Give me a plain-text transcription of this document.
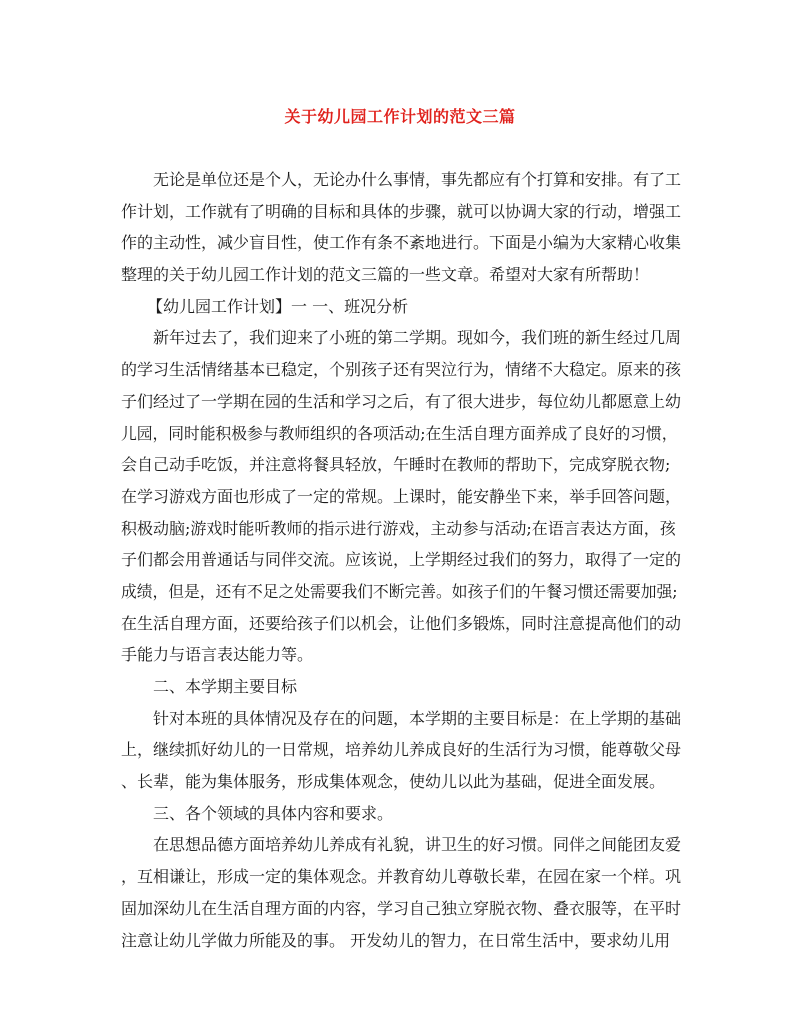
关于幼儿园工作计划的范文三篇
无论是单位还是个人，无论办什么事情，事先都应有个打算和安排。有了工
作计划，工作就有了明确的目标和具体的步骤，就可以协调大家的行动，增强工
作的主动性，减少盲目性，使工作有条不紊地进行。下面是小编为大家精心收集
整理的关于幼儿园工作计划的范文三篇的一些文章。希望对大家有所帮助！
【幼儿园工作计划】一 一、班况分析
新年过去了，我们迎来了小班的第二学期。现如今，我们班的新生经过几周
的学习生活情绪基本已稳定，个别孩子还有哭泣行为，情绪不大稳定。原来的孩
子们经过了一学期在园的生活和学习之后，有了很大进步，每位幼儿都愿意上幼
儿园，同时能积极参与教师组织的各项活动;在生活自理方面养成了良好的习惯，
会自己动手吃饭，并注意将餐具轻放，午睡时在教师的帮助下，完成穿脱衣物;
在学习游戏方面也形成了一定的常规。上课时，能安静坐下来，举手回答问题，
积极动脑;游戏时能听教师的指示进行游戏，主动参与活动;在语言表达方面，孩
子们都会用普通话与同伴交流。应该说，上学期经过我们的努力，取得了一定的
成绩，但是，还有不足之处需要我们不断完善。如孩子们的午餐习惯还需要加强;
在生活自理方面，还要给孩子们以机会，让他们多锻炼，同时注意提高他们的动
手能力与语言表达能力等。
二、本学期主要目标
针对本班的具体情况及存在的问题，本学期的主要目标是：在上学期的基础
上，继续抓好幼儿的一日常规，培养幼儿养成良好的生活行为习惯，能尊敬父母
、长辈，能为集体服务，形成集体观念，使幼儿以此为基础，促进全面发展。
三、各个领域的具体内容和要求。
在思想品德方面培养幼儿养成有礼貌，讲卫生的好习惯。同伴之间能团友爱
，互相谦让，形成一定的集体观念。并教育幼儿尊敬长辈，在园在家一个样。巩
固加深幼儿在生活自理方面的内容，学习自己独立穿脱衣物、叠衣服等，在平时
注意让幼儿学做力所能及的事。 开发幼儿的智力，在日常生活中，要求幼儿用
